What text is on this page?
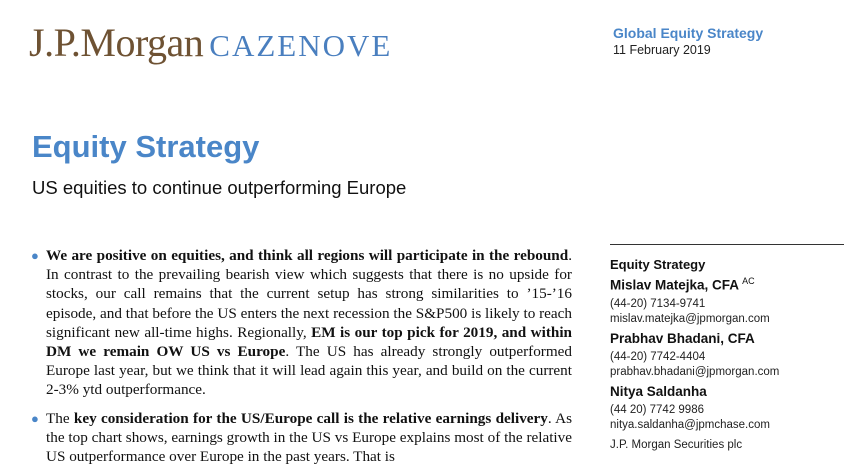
J.P.Morgan CAZENOVE	Global Equity Strategy
11 February 2019
Equity Strategy
US equities to continue outperforming Europe

● We are positive on equities, and think all regions will participate in the rebound. In contrast to the prevailing bearish view which suggests that there is no upside for stocks, our call remains that the current setup has strong similarities to ’15-’16 episode, and that before the US enters the next recession the S&P500 is likely to reach significant new all-time highs. Regionally, EM is our top pick for 2019, and within DM we remain OW US vs Europe. The US has already strongly outperformed Europe last year, but we think that it will lead again this year, and build on the current 2-3% ytd outperformance.

● The key consideration for the US/Europe call is the relative earnings delivery. As the top chart shows, earnings growth in the US vs Europe explains most of the relative US outperformance over Europe in the past years. That is

Equity Strategy
Mislav Matejka, CFA $^{AC}$
(44-20) 7134-9741
mislav.matejka@jpmorgan.com
Prabhav Bhadani, CFA
(44-20) 7742-4404
prabhav.bhadani@jpmorgan.com
Nitya Saldanha
(44 20) 7742 9986
nitya.saldanha@jpmchase.com
J.P. Morgan Securities plc
